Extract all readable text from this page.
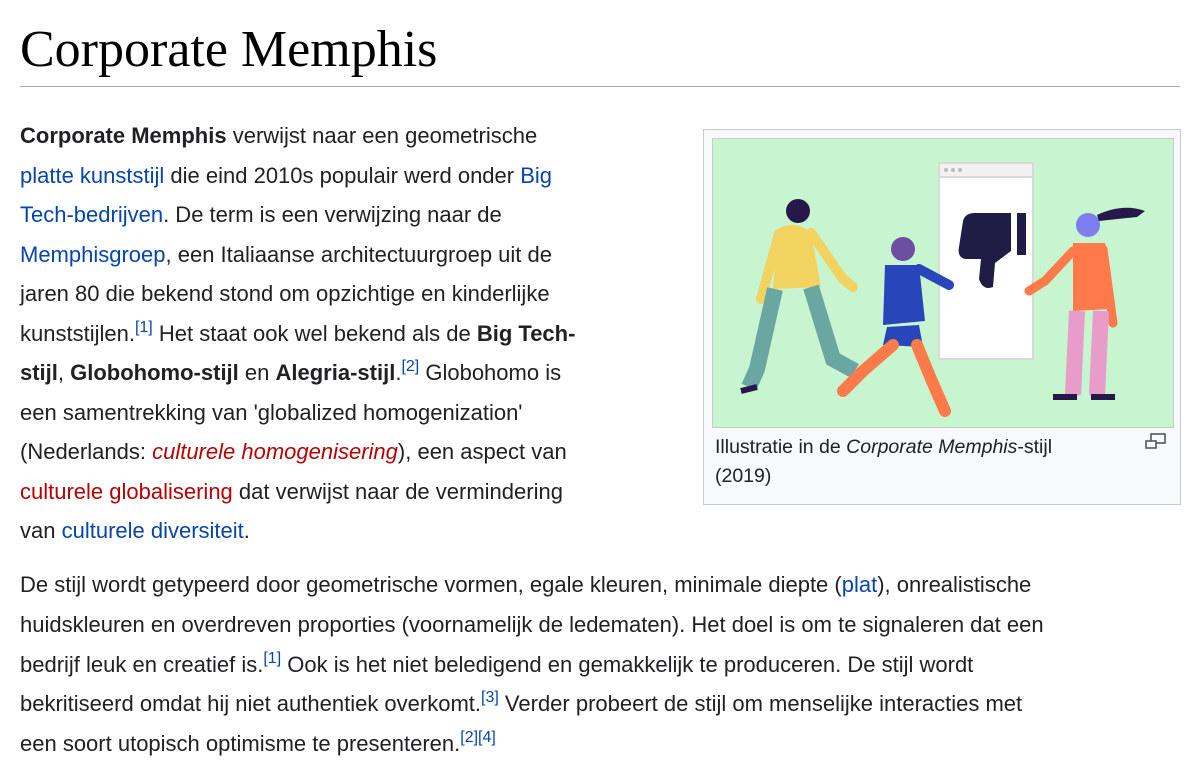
Corporate Memphis

Corporate Memphis verwijst naar een geometrische
platte kunststijl die eind 2010s populair werd onder Big
Tech-bedrijven. De term is een verwijzing naar de
Memphisgroep, een Italiaanse architectuurgroep uit de
jaren 80 die bekend stond om opzichtige en kinderlijke
kunststijlen.[1] Het staat ook wel bekend als de Big Tech-
stijl, Globohomo-stijl en Alegria-stijl.[2] Globohomo is
een samentrekking van 'globalized homogenization'
(Nederlands: culturele homogenisering), een aspect van
culturele globalisering dat verwijst naar de vermindering
van culturele diversiteit.

Illustratie in de Corporate Memphis-stijl
(2019)

De stijl wordt getypeerd door geometrische vormen, egale kleuren, minimale diepte (plat), onrealistische
huidskleuren en overdreven proporties (voornamelijk de ledematen). Het doel is om te signaleren dat een
bedrijf leuk en creatief is.[1] Ook is het niet beledigend en gemakkelijk te produceren. De stijl wordt
bekritiseerd omdat hij niet authentiek overkomt.[3] Verder probeert de stijl om menselijke interacties met
een soort utopisch optimisme te presenteren.[2][4]
